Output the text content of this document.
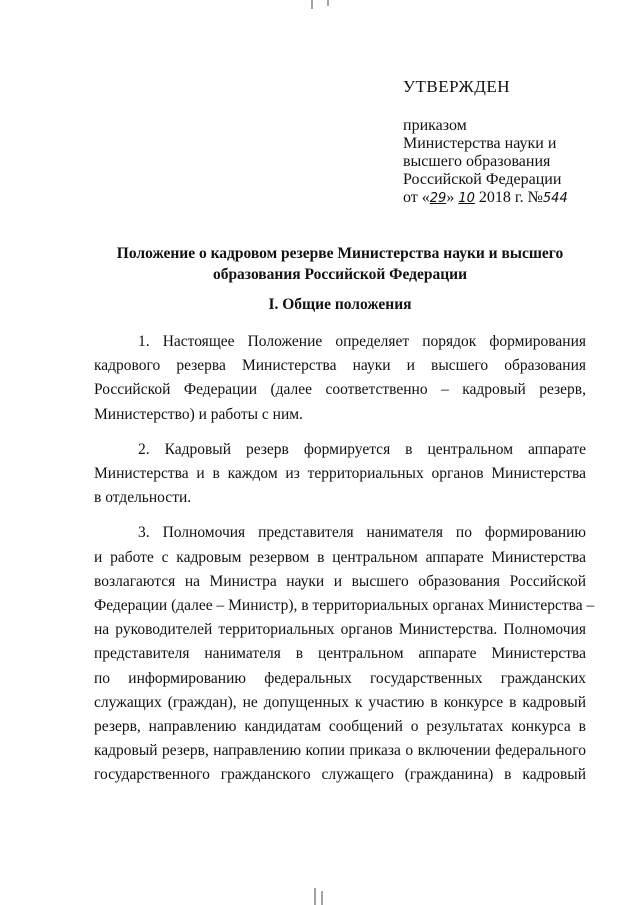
УТВЕРЖДЕН
приказом
Министерства науки и
высшего образования
Российской Федерации
от «29» 10 2018 г. №544
Положение о кадровом резерве Министерства науки и высшего
образования Российской Федерации
I. Общие положения
1. Настоящее Положение определяет порядок формирования
кадрового резерва Министерства науки и высшего образования
Российской Федерации (далее соответственно – кадровый резерв,
Министерство) и работы с ним.
2. Кадровый резерв формируется в центральном аппарате
Министерства и в каждом из территориальных органов Министерства
в отдельности.
3. Полномочия представителя нанимателя по формированию
и работе с кадровым резервом в центральном аппарате Министерства
возлагаются на Министра науки и высшего образования Российской
Федерации (далее – Министр), в территориальных органах Министерства –
на руководителей территориальных органов Министерства. Полномочия
представителя нанимателя в центральном аппарате Министерства
по информированию федеральных государственных гражданских
служащих (граждан), не допущенных к участию в конкурсе в кадровый
резерв, направлению кандидатам сообщений о результатах конкурса в
кадровый резерв, направлению копии приказа о включении федерального
государственного гражданского служащего (гражданина) в кадровый
